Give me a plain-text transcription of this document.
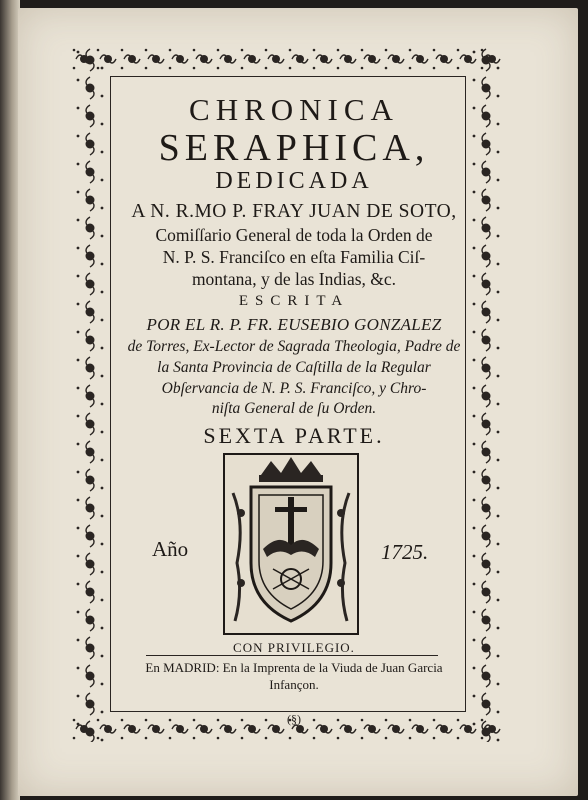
CHRONICA
SERAPHICA,
DEDICADA
A N. R.MO P. FRAY JUAN DE SOTO,
Comiſſario General de toda la Orden de
N. P. S. Franciſco en eſta Familia Ciſ-
montana, y de las Indias, &c.
ESCRITA
POR EL R. P. FR. EUSEBIO GONZALEZ
de Torres, Ex-Lector de Sagrada Theologia, Padre de
la Santa Provincia de Caſtilla de la Regular
Obſervancia de N. P. S. Franciſco, y Chro-
niſta General de ſu Orden.
SEXTA PARTE.
Año	1725.
CON PRIVILEGIO.
En MADRID: En la Imprenta de la Viuda de Juan Garcia
Infançon.
(§)
